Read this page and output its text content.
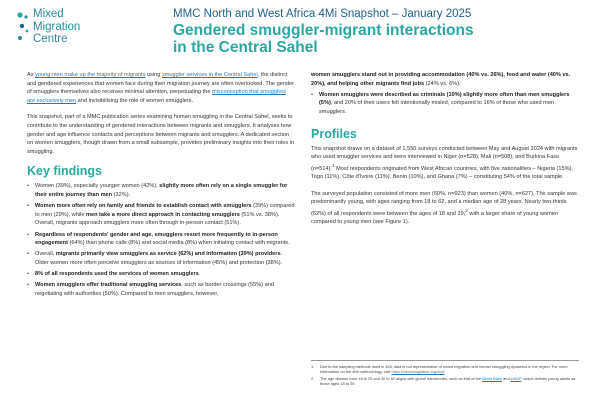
Mixed
Migration
Centre
MMC North and West Africa 4Mi Snapshot – January 2025
Gendered smuggler-migrant interactions
in the Central Sahel

As young men make up the majority of migrants using smuggler services in the Central Sahel, the distinct and gendered experiences that women face during their migration journey are often overlooked. The gender of smugglers themselves also receives minimal attention, perpetuating the misconception that smugglers are exclusively men and invisibilising the role of women smugglers.

This snapshot, part of a MMC publication series examining human smuggling in the Central Sahel, seeks to contribute to the understanding of gendered interactions between migrants and smugglers. It analyses how gender and age influence contacts and perceptions between migrants and smugglers. A dedicated section on women smugglers, though drawn from a small subsample, provides preliminary insights into their roles in smuggling.

Key findings
• Women (39%), especially younger women (42%), slightly more often rely on a single smuggler for their entire journey than men (32%).
• Women more often rely on family and friends to establish contact with smugglers (39%) compared to men (29%), while men take a more direct approach in contacting smugglers (51% vs. 38%). Overall, migrants approach smugglers more often through in-person contact (51%).
• Regardless of respondents' gender and age, smugglers resort more frequently to in-person engagement (64%) than phone calls (8%) and social media (8%) when initiating contact with migrants.
• Overall, migrants primarily view smugglers as service (62%) and information (39%) providers. Older women more often perceive smugglers as sources of information (45%) and protection (38%).
• 8% of all respondents used the services of women smugglers.
• Women smugglers offer traditional smuggling services, such as border crossings (55%) and negotiating with authorities (50%). Compared to men smugglers, however,

women smugglers stand out in providing accommodation (40% vs. 26%), food and water (40% vs. 20%), and helping other migrants find jobs (24% vs. 6%).

• Women smugglers were described as criminals (10%) slightly more often than men smugglers (5%), and 20% of their users felt intentionally misled, compared to 16% of those who used men smugglers.
Profiles

This snapshot draws on a dataset of 1,550 surveys conducted between May and August 2024 with migrants who used smuggler services and were interviewed in Niger (n=528), Mali (n=508), and Burkina Faso (n=514).$^1$ Most respondents originated from West African countries, with five nationalities – Nigeria (15%), Togo (11%), Côte d'Ivoire (11%), Benin (10%), and Ghana (7%) – constituting 54% of the total sample.

The surveyed population consisted of more men (60%, n=923) than women (40%, n=627). The sample was predominantly young, with ages ranging from 18 to 62, and a median age of 28 years. Nearly two-thirds (62%) of all respondents were between the ages of 18 and 29,$^2$ with a larger share of young women compared to young men (see Figure 1).

1	Due to the sampling methods used in 4Mi, data is not representative of mixed migration and human smuggling dynamics in the region. For more information on the 4Mi methodology, visit https://mixedmigration.org/4mi/
2	The age division from 18 to 29 and 30 to 62 aligns with global frameworks, such as that of the World Bank and UNDP, which defines young adults as those aged 18 to 29.
